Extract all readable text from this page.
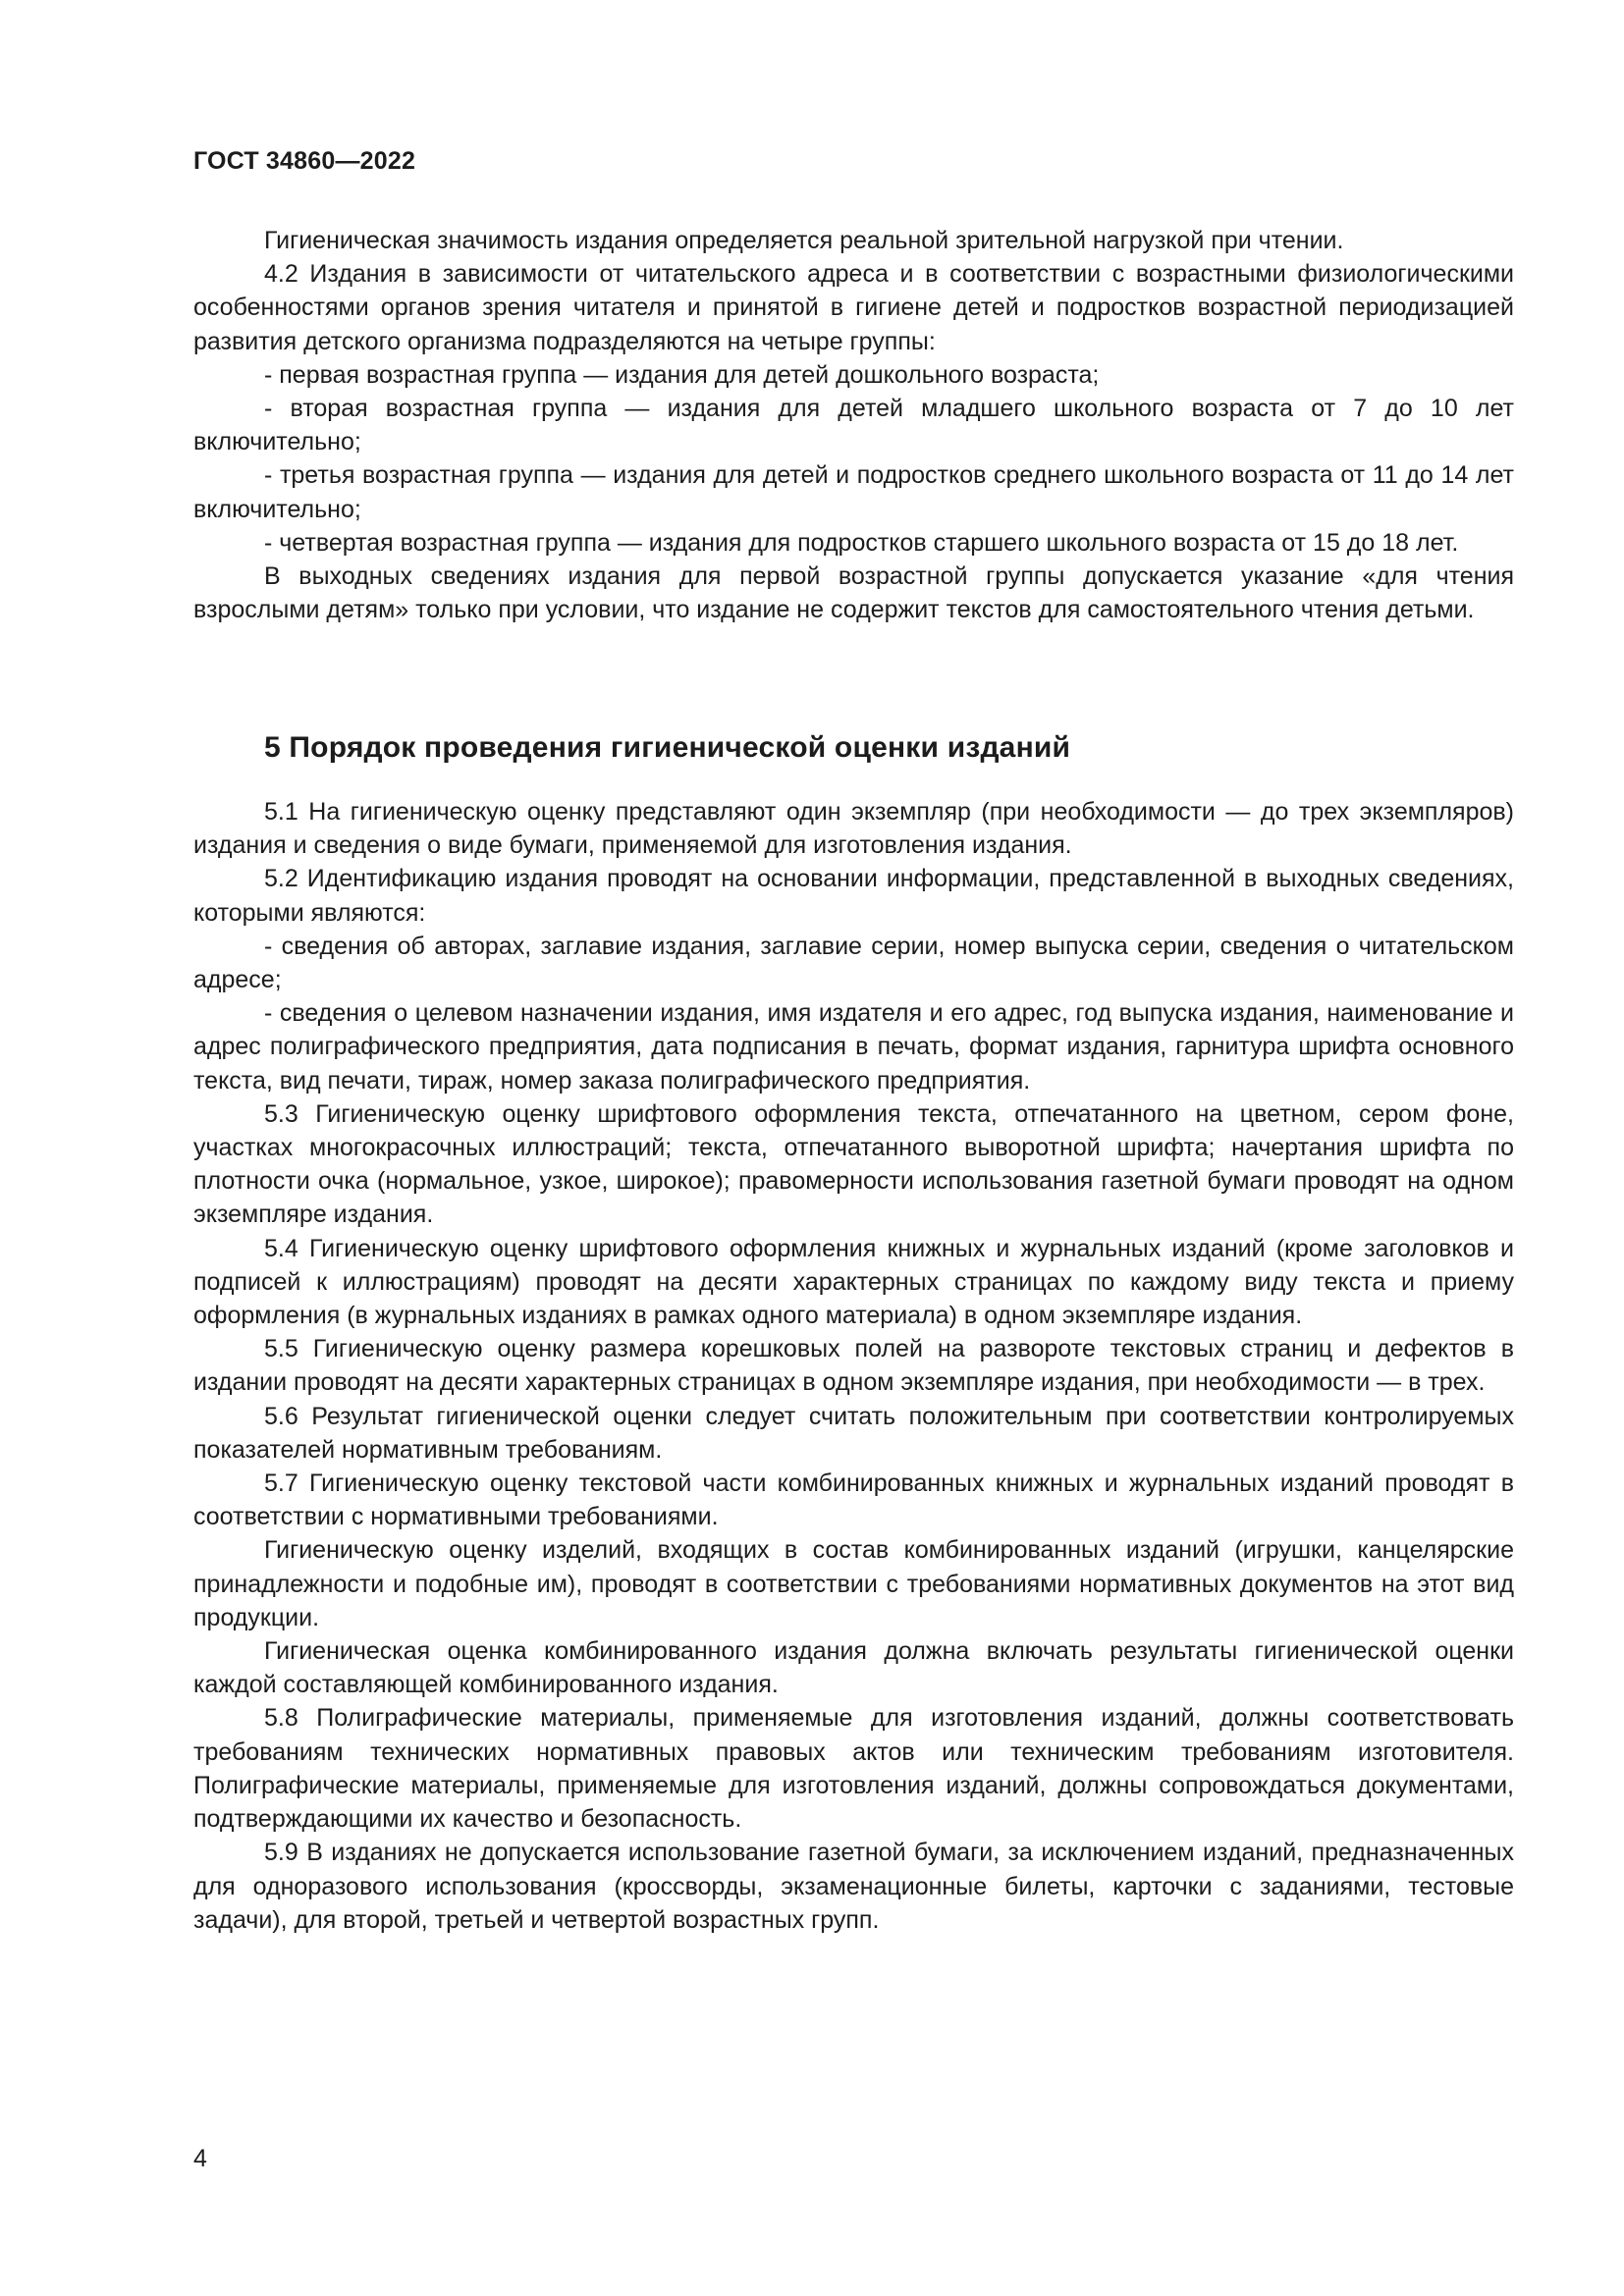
ГОСТ 34860—2022

Гигиеническая значимость издания определяется реальной зрительной нагрузкой при чтении.

4.2 Издания в зависимости от читательского адреса и в соответствии с возрастными физиологическими особенностями органов зрения читателя и принятой в гигиене детей и подростков возрастной периодизацией развития детского организма подразделяются на четыре группы:

- первая возрастная группа — издания для детей дошкольного возраста;

- вторая возрастная группа — издания для детей младшего школьного возраста от 7 до 10 лет включительно;

- третья возрастная группа — издания для детей и подростков среднего школьного возраста от 11 до 14 лет включительно;

- четвертая возрастная группа — издания для подростков старшего школьного возраста от 15 до 18 лет.

В выходных сведениях издания для первой возрастной группы допускается указание «для чтения взрослыми детям» только при условии, что издание не содержит текстов для самостоятельного чтения детьми.

5 Порядок проведения гигиенической оценки изданий

5.1 На гигиеническую оценку представляют один экземпляр (при необходимости — до трех экземпляров) издания и сведения о виде бумаги, применяемой для изготовления издания.

5.2 Идентификацию издания проводят на основании информации, представленной в выходных сведениях, которыми являются:

- сведения об авторах, заглавие издания, заглавие серии, номер выпуска серии, сведения о читательском адресе;

- сведения о целевом назначении издания, имя издателя и его адрес, год выпуска издания, наименование и адрес полиграфического предприятия, дата подписания в печать, формат издания, гарнитура шрифта основного текста, вид печати, тираж, номер заказа полиграфического предприятия.

5.3 Гигиеническую оценку шрифтового оформления текста, отпечатанного на цветном, сером фоне, участках многокрасочных иллюстраций; текста, отпечатанного выворотной шрифта; начертания шрифта по плотности очка (нормальное, узкое, широкое); правомерности использования газетной бумаги проводят на одном экземпляре издания.

5.4 Гигиеническую оценку шрифтового оформления книжных и журнальных изданий (кроме заголовков и подписей к иллюстрациям) проводят на десяти характерных страницах по каждому виду текста и приему оформления (в журнальных изданиях в рамках одного материала) в одном экземпляре издания.

5.5 Гигиеническую оценку размера корешковых полей на развороте текстовых страниц и дефектов в издании проводят на десяти характерных страницах в одном экземпляре издания, при необходимости — в трех.

5.6 Результат гигиенической оценки следует считать положительным при соответствии контролируемых показателей нормативным требованиям.

5.7 Гигиеническую оценку текстовой части комбинированных книжных и журнальных изданий проводят в соответствии с нормативными требованиями.

Гигиеническую оценку изделий, входящих в состав комбинированных изданий (игрушки, канцелярские принадлежности и подобные им), проводят в соответствии с требованиями нормативных документов на этот вид продукции.

Гигиеническая оценка комбинированного издания должна включать результаты гигиенической оценки каждой составляющей комбинированного издания.

5.8 Полиграфические материалы, применяемые для изготовления изданий, должны соответствовать требованиям технических нормативных правовых актов или техническим требованиям изготовителя. Полиграфические материалы, применяемые для изготовления изданий, должны сопровождаться документами, подтверждающими их качество и безопасность.

5.9 В изданиях не допускается использование газетной бумаги, за исключением изданий, предназначенных для одноразового использования (кроссворды, экзаменационные билеты, карточки с заданиями, тестовые задачи), для второй, третьей и четвертой возрастных групп.

4
